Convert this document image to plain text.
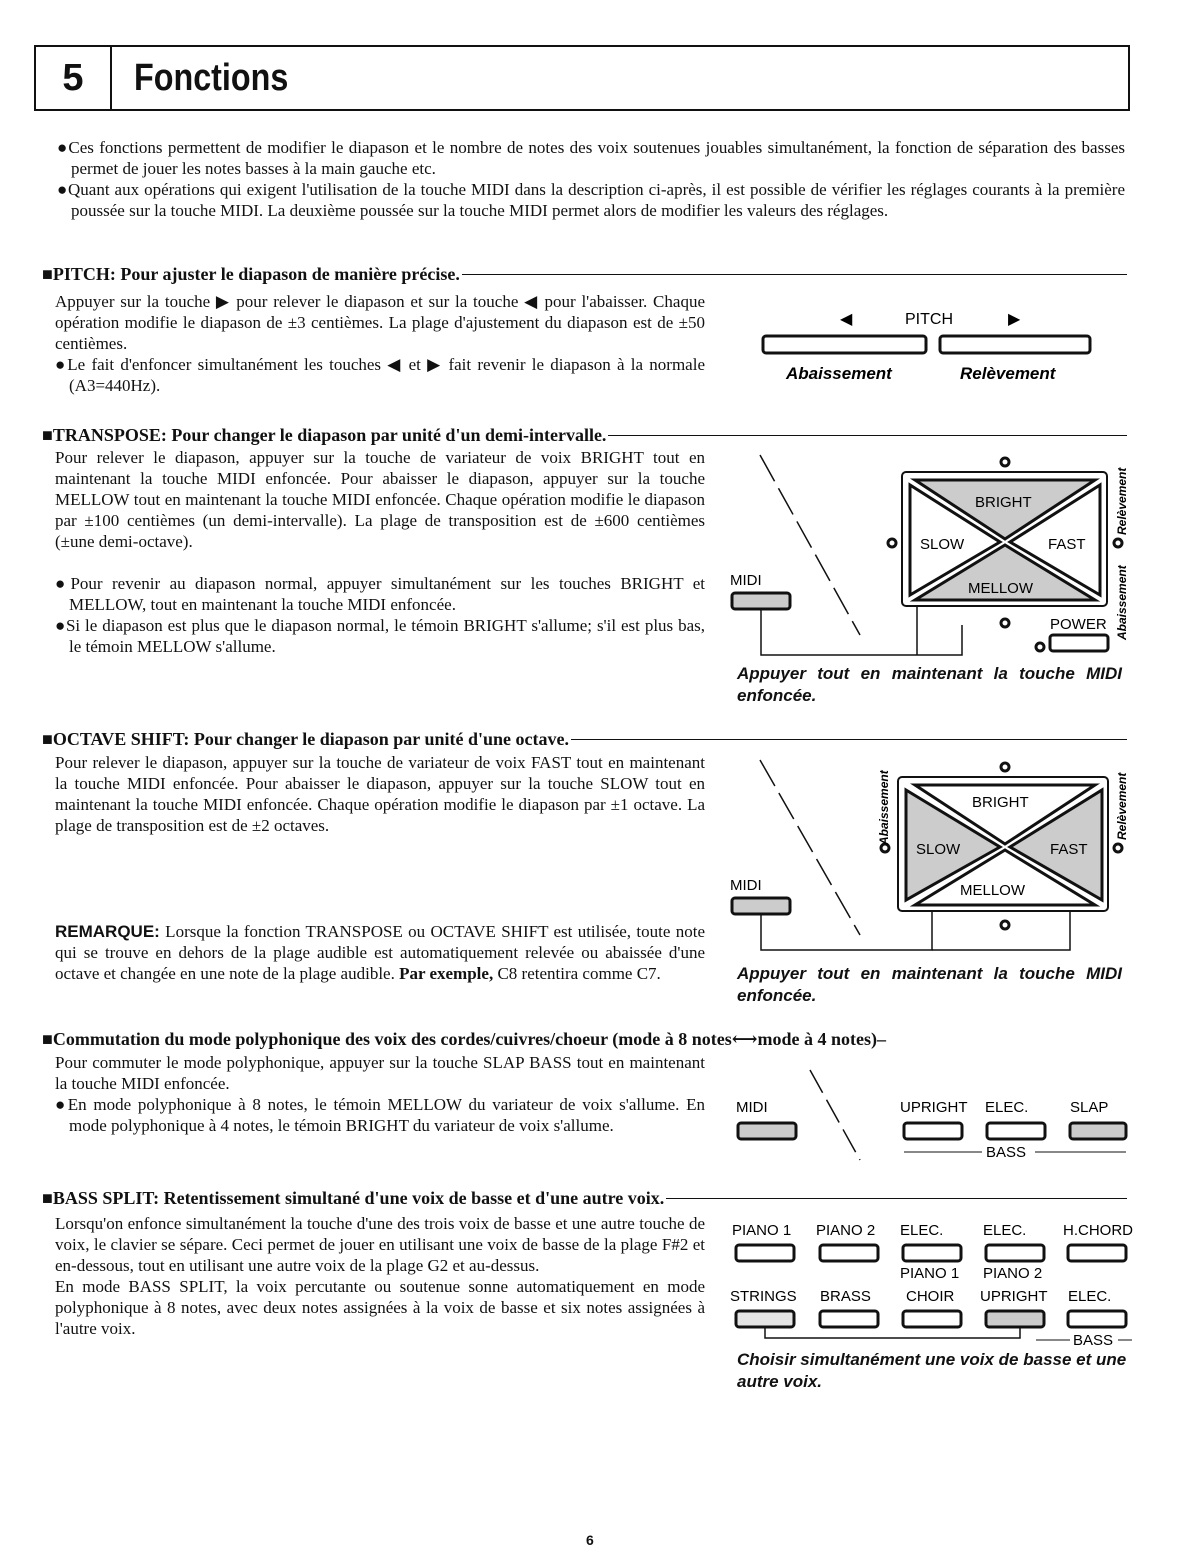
5	Fonctions

●Ces fonctions permettent de modifier le diapason et le nombre de notes des voix soutenues jouables simultanément, la fonction de séparation des basses permet de jouer les notes basses à la main gauche etc.

●Quant aux opérations qui exigent l'utilisation de la touche MIDI dans la description ci-après, il est possible de vérifier les réglages courants à la première poussée sur la touche MIDI. La deuxième poussée sur la touche MIDI permet alors de modifier les valeurs des réglages.

■PITCH: Pour ajuster le diapason de manière précise.

Appuyer sur la touche ▶ pour relever le diapason et sur la touche ◀ pour l'abaisser. Chaque opération modifie le diapason de ±3 centièmes. La plage d'ajustement du diapason est de ±50 centièmes.

●Le fait d'enfoncer simultanément les touches ◀ et ▶ fait revenir le diapason à la normale (A3=440Hz).

◀	PITCH	▶
Abaissement	Relèvement
■TRANSPOSE: Pour changer le diapason par unité d'un demi-intervalle.

Pour relever le diapason, appuyer sur la touche de variateur de voix BRIGHT tout en maintenant la touche MIDI enfoncée. Pour abaisser le diapason, appuyer sur la touche MELLOW tout en maintenant la touche MIDI enfoncée. Chaque opération modifie le diapason par ±100 centièmes (un demi-intervalle). La plage de transposition est de ±600 centièmes (±une demi-octave).

●Pour revenir au diapason normal, appuyer simultanément sur les touches BRIGHT et MELLOW, tout en maintenant la touche MIDI enfoncée.

●Si le diapason est plus que le diapason normal, le témoin BRIGHT s'allume; s'il est plus bas, le témoin MELLOW s'allume.

MIDI
BRIGHT
SLOW	FAST
MELLOW
POWER
Relèvement
Abaissement
Appuyer tout en maintenant la touche MIDI enfoncée.
■OCTAVE SHIFT: Pour changer le diapason par unité d'une octave.

Pour relever le diapason, appuyer sur la touche de variateur de voix FAST tout en maintenant la touche MIDI enfoncée. Pour abaisser le diapason, appuyer sur la touche SLOW tout en maintenant la touche MIDI enfoncée. Chaque opération modifie le diapason par ±1 octave. La plage de transposition est de ±2 octaves.

REMARQUE: Lorsque la fonction TRANSPOSE ou OCTAVE SHIFT est utilisée, toute note qui se trouve en dehors de la plage audible est automatiquement relevée ou abaissée d'une octave et changée en une note de la plage audible. Par exemple, C8 retentira comme C7.

MIDI
BRIGHT
SLOW	FAST
MELLOW
Abaissement	Relèvement
Appuyer tout en maintenant la touche MIDI enfoncée.
■Commutation du mode polyphonique des voix des cordes/cuivres/choeur (mode à 8 notes⟷mode à 4 notes)–

Pour commuter le mode polyphonique, appuyer sur la touche SLAP BASS tout en maintenant la touche MIDI enfoncée.

●En mode polyphonique à 8 notes, le témoin MELLOW du variateur de voix s'allume. En mode polyphonique à 4 notes, le témoin BRIGHT du variateur de voix s'allume.

MIDI	UPRIGHT ELEC.	SLAP
BASS
■BASS SPLIT: Retentissement simultané d'une voix de basse et d'une autre voix.

Lorsqu'on enfonce simultanément la touche d'une des trois voix de basse et une autre touche de voix, le clavier se sépare. Ceci permet de jouer en utilisant une voix de basse de la plage F#2 et en-dessous, tout en utilisant une autre voix de la plage G2 et au-dessus.

En mode BASS SPLIT, la voix percutante ou soutenue sonne automatiquement en mode polyphonique à 8 notes, avec deux notes assignées à la voix de basse et six notes assignées à l'autre voix.

PIANO 1 PIANO 2 ELEC.	ELEC. H.CHORD
PIANO 1 PIANO 2
STRINGS BRASS CHOIR UPRIGHT ELEC.
BASS
Choisir simultanément une voix de basse et une autre voix.
6
